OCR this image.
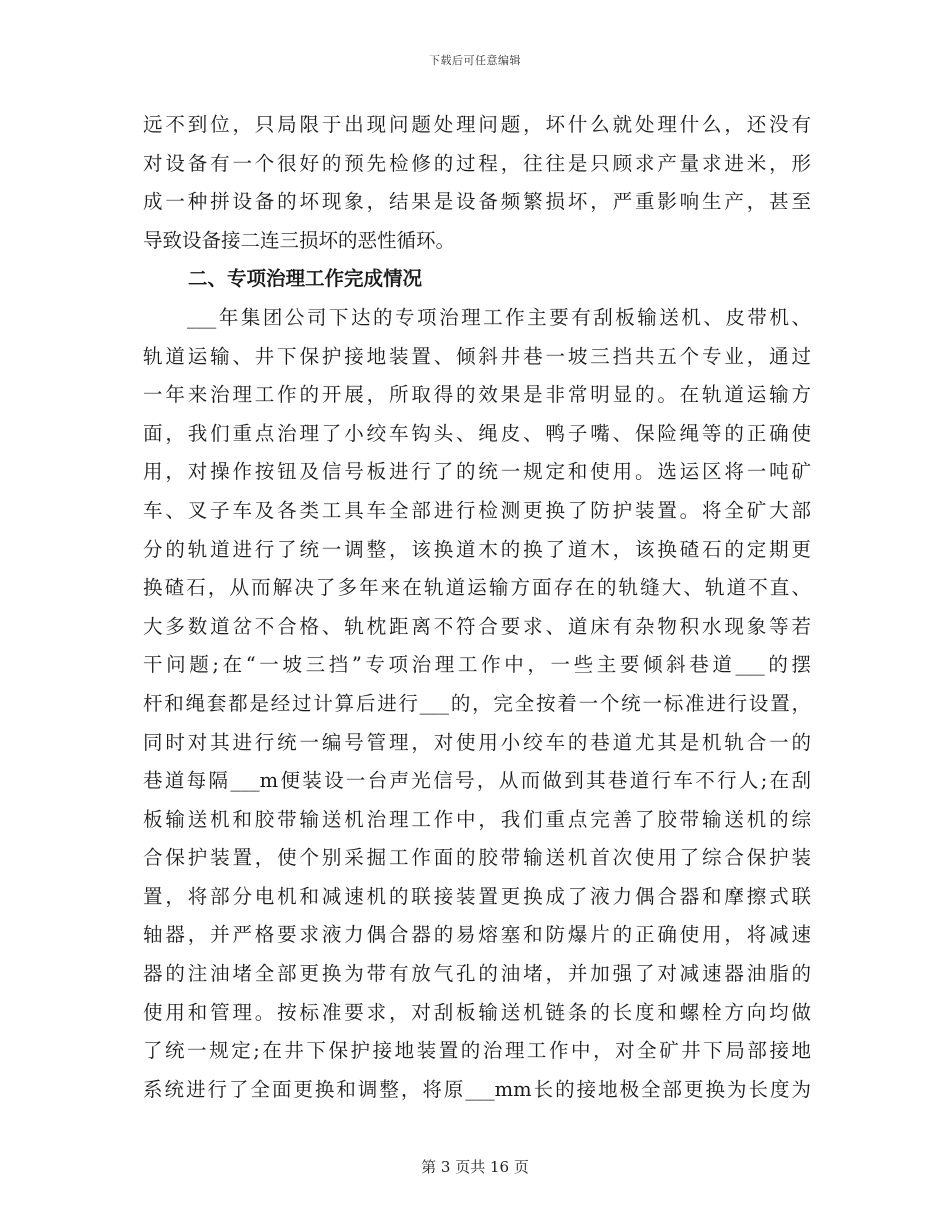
下载后可任意编辑
远不到位，只局限于出现问题处理问题，坏什么就处理什么，还没有
对设备有一个很好的预先检修的过程，往往是只顾求产量求进米，形
成一种拼设备的坏现象，结果是设备频繁损坏，严重影响生产，甚至
导致设备接二连三损坏的恶性循环。
二、专项治理工作完成情况
　　___年集团公司下达的专项治理工作主要有刮板输送机、皮带机、
轨道运输、井下保护接地装置、倾斜井巷一坡三挡共五个专业，通过
一年来治理工作的开展，所取得的效果是非常明显的。在轨道运输方
面，我们重点治理了小绞车钩头、绳皮、鸭子嘴、保险绳等的正确使
用，对操作按钮及信号板进行了的统一规定和使用。选运区将一吨矿
车、叉子车及各类工具车全部进行检测更换了防护装置。将全矿大部
分的轨道进行了统一调整，该换道木的换了道木，该换碴石的定期更
换碴石，从而解决了多年来在轨道运输方面存在的轨缝大、轨道不直、
大多数道岔不合格、轨枕距离不符合要求、道床有杂物积水现象等若
干问题;在“一坡三挡”专项治理工作中，一些主要倾斜巷道___的摆
杆和绳套都是经过计算后进行___的，完全按着一个统一标准进行设置，
同时对其进行统一编号管理，对使用小绞车的巷道尤其是机轨合一的
巷道每隔___m便装设一台声光信号，从而做到其巷道行车不行人;在刮
板输送机和胶带输送机治理工作中，我们重点完善了胶带输送机的综
合保护装置，使个别采掘工作面的胶带输送机首次使用了综合保护装
置，将部分电机和减速机的联接装置更换成了液力偶合器和摩擦式联
轴器，并严格要求液力偶合器的易熔塞和防爆片的正确使用，将减速
器的注油堵全部更换为带有放气孔的油堵，并加强了对减速器油脂的
使用和管理。按标准要求，对刮板输送机链条的长度和螺栓方向均做
了统一规定;在井下保护接地装置的治理工作中，对全矿井下局部接地
系统进行了全面更换和调整，将原___mm长的接地极全部更换为长度为
第 3 页共 16 页
